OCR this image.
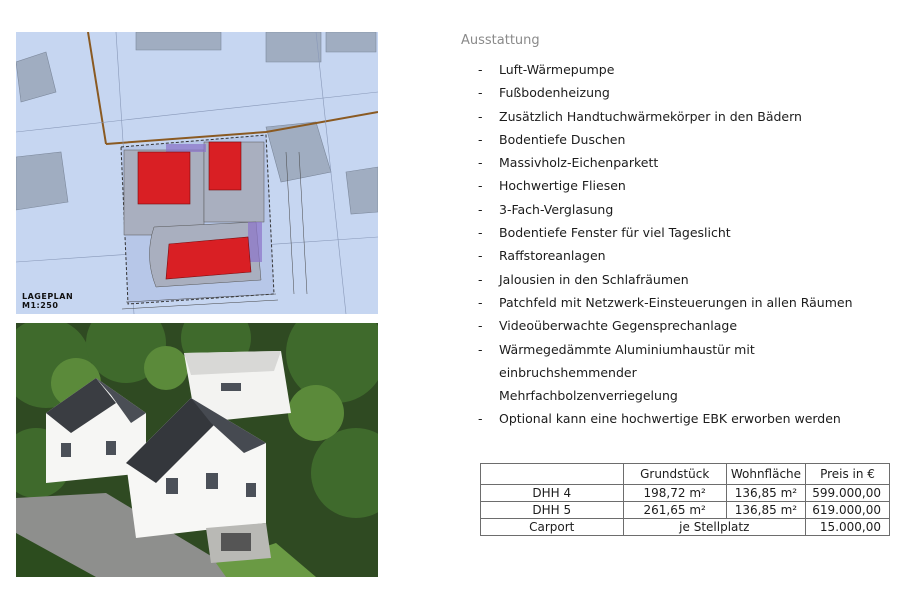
LAGEPLAN
M1:250
Ausstattung
- Luft-Wärmepumpe
- Fußbodenheizung
- Zusätzlich Handtuchwärmekörper in den Bädern
- Bodentiefe Duschen
- Massivholz-Eichenparkett
- Hochwertige Fliesen
- 3-Fach-Verglasung
- Bodentiefe Fenster für viel Tageslicht
- Raffstoreanlagen
- Jalousien in den Schlafräumen
- Patchfeld mit Netzwerk-Einsteuerungen in allen Räumen
- Videoüberwachte Gegensprechanlage
- Wärmegedämmte Aluminiumhaustür mit einbruchshemmender Mehrfachbolzenverriegelung
- Optional kann eine hochwertige EBK erworben werden
	Grundstück	Wohnfläche	Preis in €
DHH 4	198,72 m²	136,85 m²	599.000,00
DHH 5	261,65 m²	136,85 m²	619.000,00
Carport	je Stellplatz		15.000,00
